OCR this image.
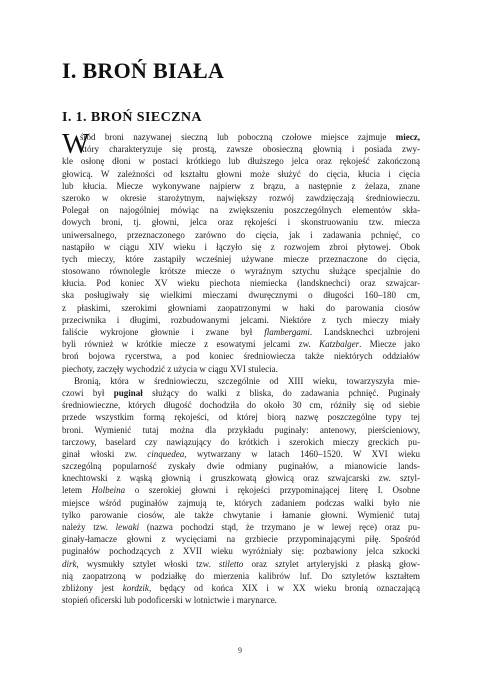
I. BROŃ BIAŁA
I. 1. BROŃ SIECZNA
W
śród broni nazywanej sieczną lub poboczną czołowe miejsce zajmuje miecz,
który charakteryzuje się prostą, zawsze obosieczną głownią i posiada zwy-
kle osłonę dłoni w postaci krótkiego lub dłuższego jelca oraz rękojeść zakończoną
głowicą. W zależności od kształtu głowni może służyć do cięcia, kłucia i cięcia
lub kłucia. Miecze wykonywane najpierw z brązu, a następnie z żelaza, znane
szeroko w okresie starożytnym, największy rozwój zawdzięczają średniowieczu.
Polegał on najogólniej mówiąc na zwiększeniu poszczególnych elementów skła-
dowych broni, tj. głowni, jelca oraz rękojeści i skonstruowaniu tzw. miecza
uniwersalnego, przeznaczonego zarówno do cięcia, jak i zadawania pchnięć, co
nastąpiło w ciągu XIV wieku i łączyło się z rozwojem zbroi płytowej. Obok
tych mieczy, które zastąpiły wcześniej używane miecze przeznaczone do cięcia,
stosowano równolegle krótsze miecze o wyraźnym sztychu służące specjalnie do
kłucia. Pod koniec XV wieku piechota niemiecka (landsknechci) oraz szwajcar-
ska posługiwały się wielkimi mieczami dwuręcznymi o długości 160–180 cm,
z płaskimi, szerokimi głowniami zaopatrzonymi w haki do parowania ciosów
przeciwnika i długimi, rozbudowanymi jelcami. Niektóre z tych mieczy miały
faliście wykrojone głownie i zwane był flambergami. Landsknechci uzbrojeni
byli również w krótkie miecze z esowatymi jelcami zw. Katzbalger. Miecze jako
broń bojowa rycerstwa, a pod koniec średniowiecza także niektórych oddziałów
piechoty, zaczęły wychodzić z użycia w ciągu XVI stulecia.
Bronią, która w średniowieczu, szczególnie od XIII wieku, towarzyszyła mie-
czowi był puginał służący do walki z bliska, do zadawania pchnięć. Puginały
średniowieczne, których długość dochodziła do około 30 cm, różniły się od siebie
przede wszystkim formą rękojeści, od której biorą nazwę poszczególne typy tej
broni. Wymienić tutaj można dla przykładu puginały: antenowy, pierścieniowy,
tarczowy, baselard czy nawiązujący do krótkich i szerokich mieczy greckich pu-
ginał włoski zw. cinquedea, wytwarzany w latach 1460–1520. W XVI wieku
szczególną popularność zyskały dwie odmiany puginałów, a mianowicie lands-
knechtowski z wąską głownią i gruszkowatą głowicą oraz szwajcarski zw. sztyl-
letem Holbeina o szerokiej głowni i rękojeści przypominającej literę I. Osobne
miejsce wśród puginałów zajmują te, których zadaniem podczas walki było nie
tylko parowanie ciosów, ale także chwytanie i łamanie głowni. Wymienić tutaj
należy tzw. lewaki (nazwa pochodzi stąd, że trzymano je w lewej ręce) oraz pu-
ginały-łamacze głowni z wycięciami na grzbiecie przypominającymi piłę. Spośród
puginałów pochodzących z XVII wieku wyróżniały się: pozbawiony jelca szkocki
dirk, wysmukły sztylet włoski tzw. stiletto oraz sztylet artyleryjski z płaską głow-
nią zaopatrzoną w podziałkę do mierzenia kalibrów luf. Do sztyletów kształtem
zbliżony jest kordzik, będący od końca XIX i w XX wieku bronią oznaczającą
stopień oficerski lub podoficerski w lotnictwie i marynarce.
9
